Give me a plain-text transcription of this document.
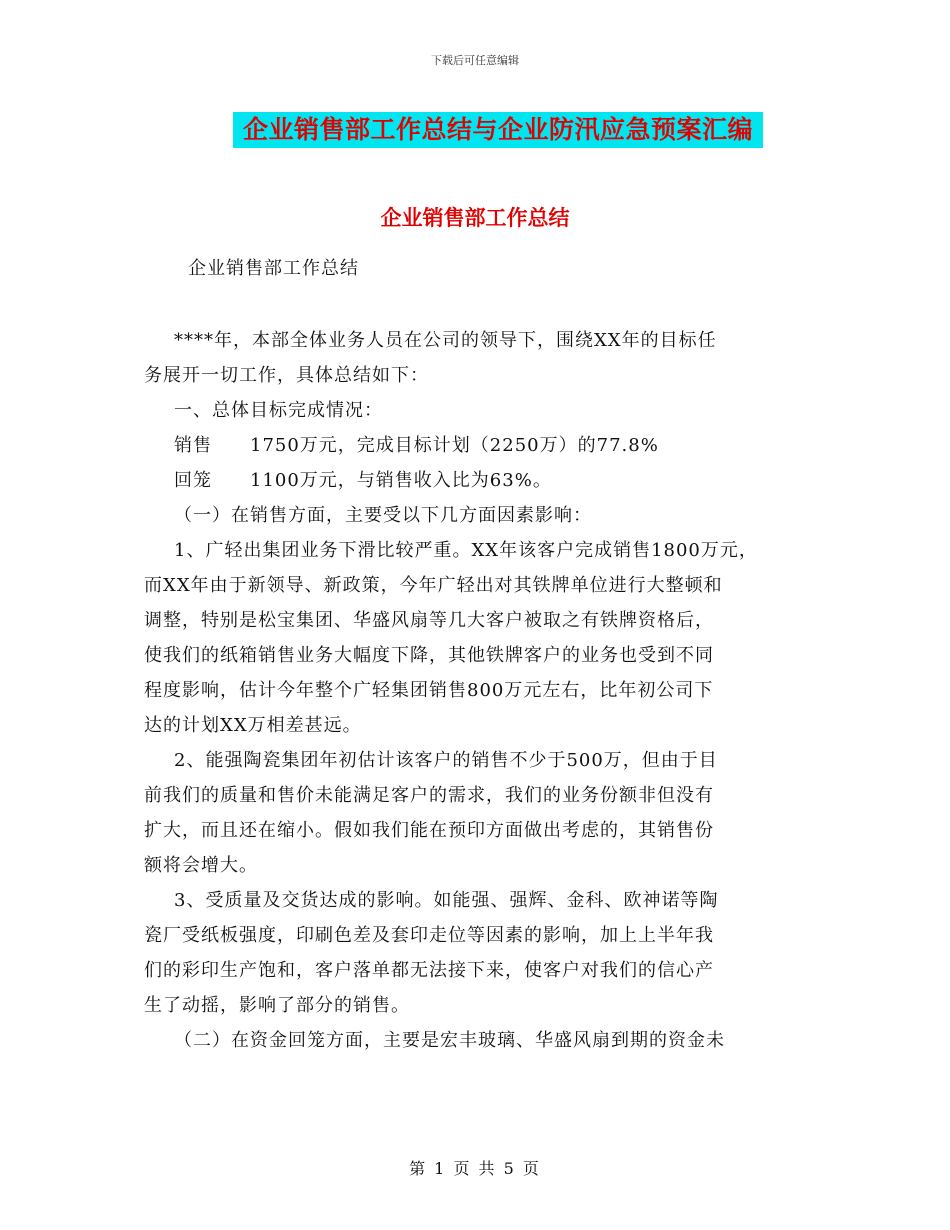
下载后可任意编辑
企业销售部工作总结与企业防汛应急预案汇编
企业销售部工作总结
企业销售部工作总结
****年，本部全体业务人员在公司的领导下，围绕XX年的目标任
务展开一切工作，具体总结如下：
一、总体目标完成情况：
销售　　1750万元，完成目标计划（2250万）的77.8%
回笼　　1100万元，与销售收入比为63%。
（一）在销售方面，主要受以下几方面因素影响：
1、广轻出集团业务下滑比较严重。XX年该客户完成销售1800万元，
而XX年由于新领导、新政策，今年广轻出对其铁牌单位进行大整顿和
调整，特别是松宝集团、华盛风扇等几大客户被取之有铁牌资格后，
使我们的纸箱销售业务大幅度下降，其他铁牌客户的业务也受到不同
程度影响，估计今年整个广轻集团销售800万元左右，比年初公司下
达的计划XX万相差甚远。
2、能强陶瓷集团年初估计该客户的销售不少于500万，但由于目
前我们的质量和售价未能满足客户的需求，我们的业务份额非但没有
扩大，而且还在缩小。假如我们能在预印方面做出考虑的，其销售份
额将会增大。
3、受质量及交货达成的影响。如能强、强辉、金科、欧神诺等陶
瓷厂受纸板强度，印刷色差及套印走位等因素的影响，加上上半年我
们的彩印生产饱和，客户落单都无法接下来，使客户对我们的信心产
生了动摇，影响了部分的销售。
（二）在资金回笼方面，主要是宏丰玻璃、华盛风扇到期的资金未
第 1 页 共 5 页
